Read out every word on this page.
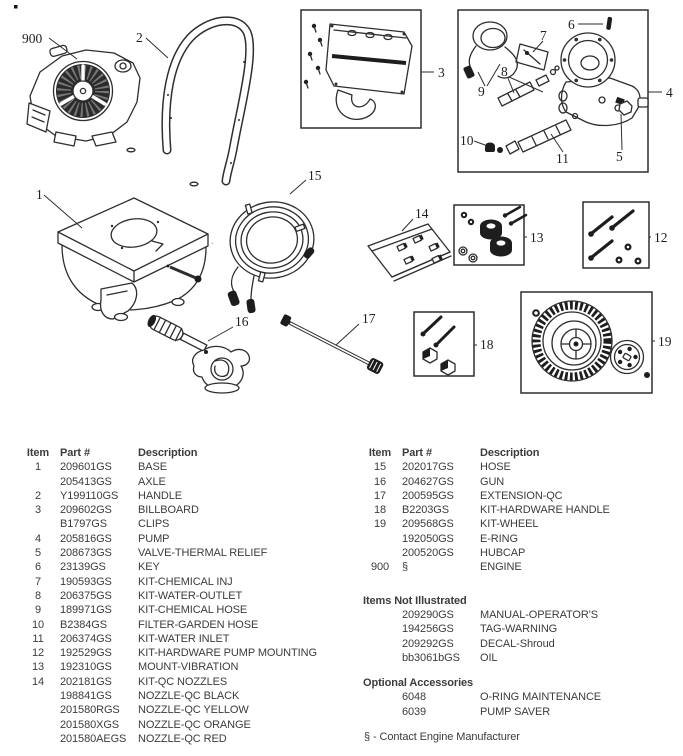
900	2
3
4
5
6
7
8
9
10
11
1
15
14
13	12
16	17
18	19
Item	Part #	Description
1	209601GS	BASE
	205413GS	AXLE
2	Y199110GS	HANDLE
3	209602GS	BILLBOARD
	B1797GS	CLIPS
4	205816GS	PUMP
5	208673GS	VALVE-THERMAL RELIEF
6	23139GS	KEY
7	190593GS	KIT-CHEMICAL INJ
8	206375GS	KIT-WATER-OUTLET
9	189971GS	KIT-CHEMICAL HOSE
10	B2384GS	FILTER-GARDEN HOSE
11	206374GS	KIT-WATER INLET
12	192529GS	KIT-HARDWARE PUMP MOUNTING
13	192310GS	MOUNT-VIBRATION
14	202181GS	KIT-QC NOZZLES
	198841GS	NOZZLE-QC BLACK
	201580RGS	NOZZLE-QC YELLOW
	201580XGS	NOZZLE-QC ORANGE
	201580AEGS	NOZZLE-QC RED
Item	Part #	Description
15	202017GS	HOSE
16	204627GS	GUN
17	200595GS	EXTENSION-QC
18	B2203GS	KIT-HARDWARE HANDLE
19	209568GS	KIT-WHEEL
	192050GS	E-RING
	200520GS	HUBCAP
900	§	ENGINE

Items Not Illustrated

	209290GS	MANUAL-OPERATOR'S
	194256GS	TAG-WARNING
	209292GS	DECAL-Shroud
	bb3061bGS	OIL

Optional Accessories

	6048	O-RING MAINTENANCE
	6039	PUMP SAVER
§ - Contact Engine Manufacturer
